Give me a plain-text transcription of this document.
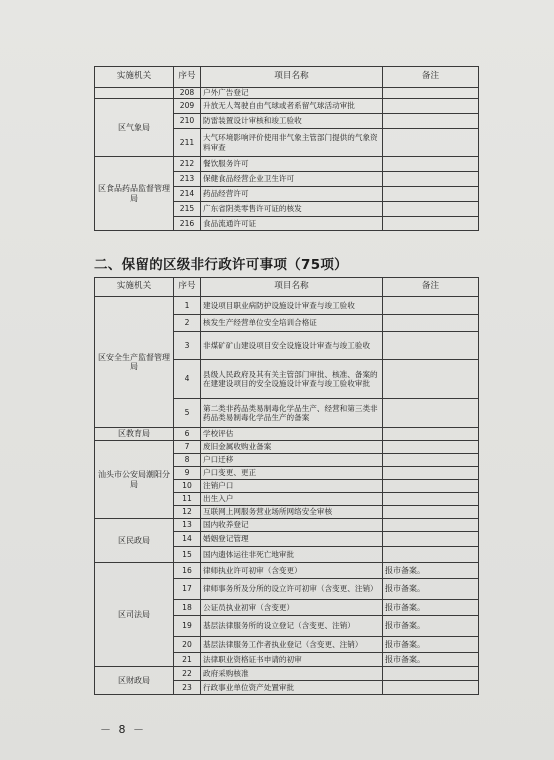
实施机关	序号	项目名称	备注
	208	户外广告登记	
区气象局	209	升放无人驾驶自由气球或者系留气球活动审批	
	210	防雷装置设计审核和竣工验收	
	211	大气环境影响评价使用非气象主管部门提供的气象资料审查	
区食品药品监督管理局	212	餐饮服务许可	
	213	保健食品经营企业卫生许可	
	214	药品经营许可	
	215	广东省阴类零售许可证的核发	
	216	食品流通许可证	
二、保留的区级非行政许可事项（75项）
实施机关	序号	项目名称	备注
区安全生产监督管理局	1	建设项目职业病防护设施设计审查与竣工验收	
	2	核发生产经营单位安全培训合格证	
	3	非煤矿矿山建设项目安全设施设计审查与竣工验收	
	4	县级人民政府及其有关主管部门审批、核准、备案的在建建设项目的安全设施设计审查与竣工验收审批	
	5	第二类非药品类易制毒化学品生产、经营和第三类非药品类易制毒化学品生产的备案	
区教育局	6	学校评估	
汕头市公安局潮阳分局	7	废旧金属收购业备案	
	8	户口迁移	
	9	户口变更、更正	
	10	注销户口	
	11	出生入户	
	12	互联网上网服务营业场所网络安全审核	
区民政局	13	国内收养登记	
	14	婚姻登记管理	
	15	国内遗体运往非死亡地审批	
区司法局	16	律师执业许可初审（含变更）	报市备案。
	17	律师事务所及分所的设立许可初审（含变更、注销）	报市备案。
	18	公证员执业初审（含变更）	报市备案。
	19	基层法律服务所的设立登记（含变更、注销）	报市备案。
	20	基层法律服务工作者执业登记（含变更、注销）	报市备案。
	21	法律职业资格证书申请的初审	报市备案。
区财政局	22	政府采购核准	
	23	行政事业单位资产处置审批	
－ 8 －
